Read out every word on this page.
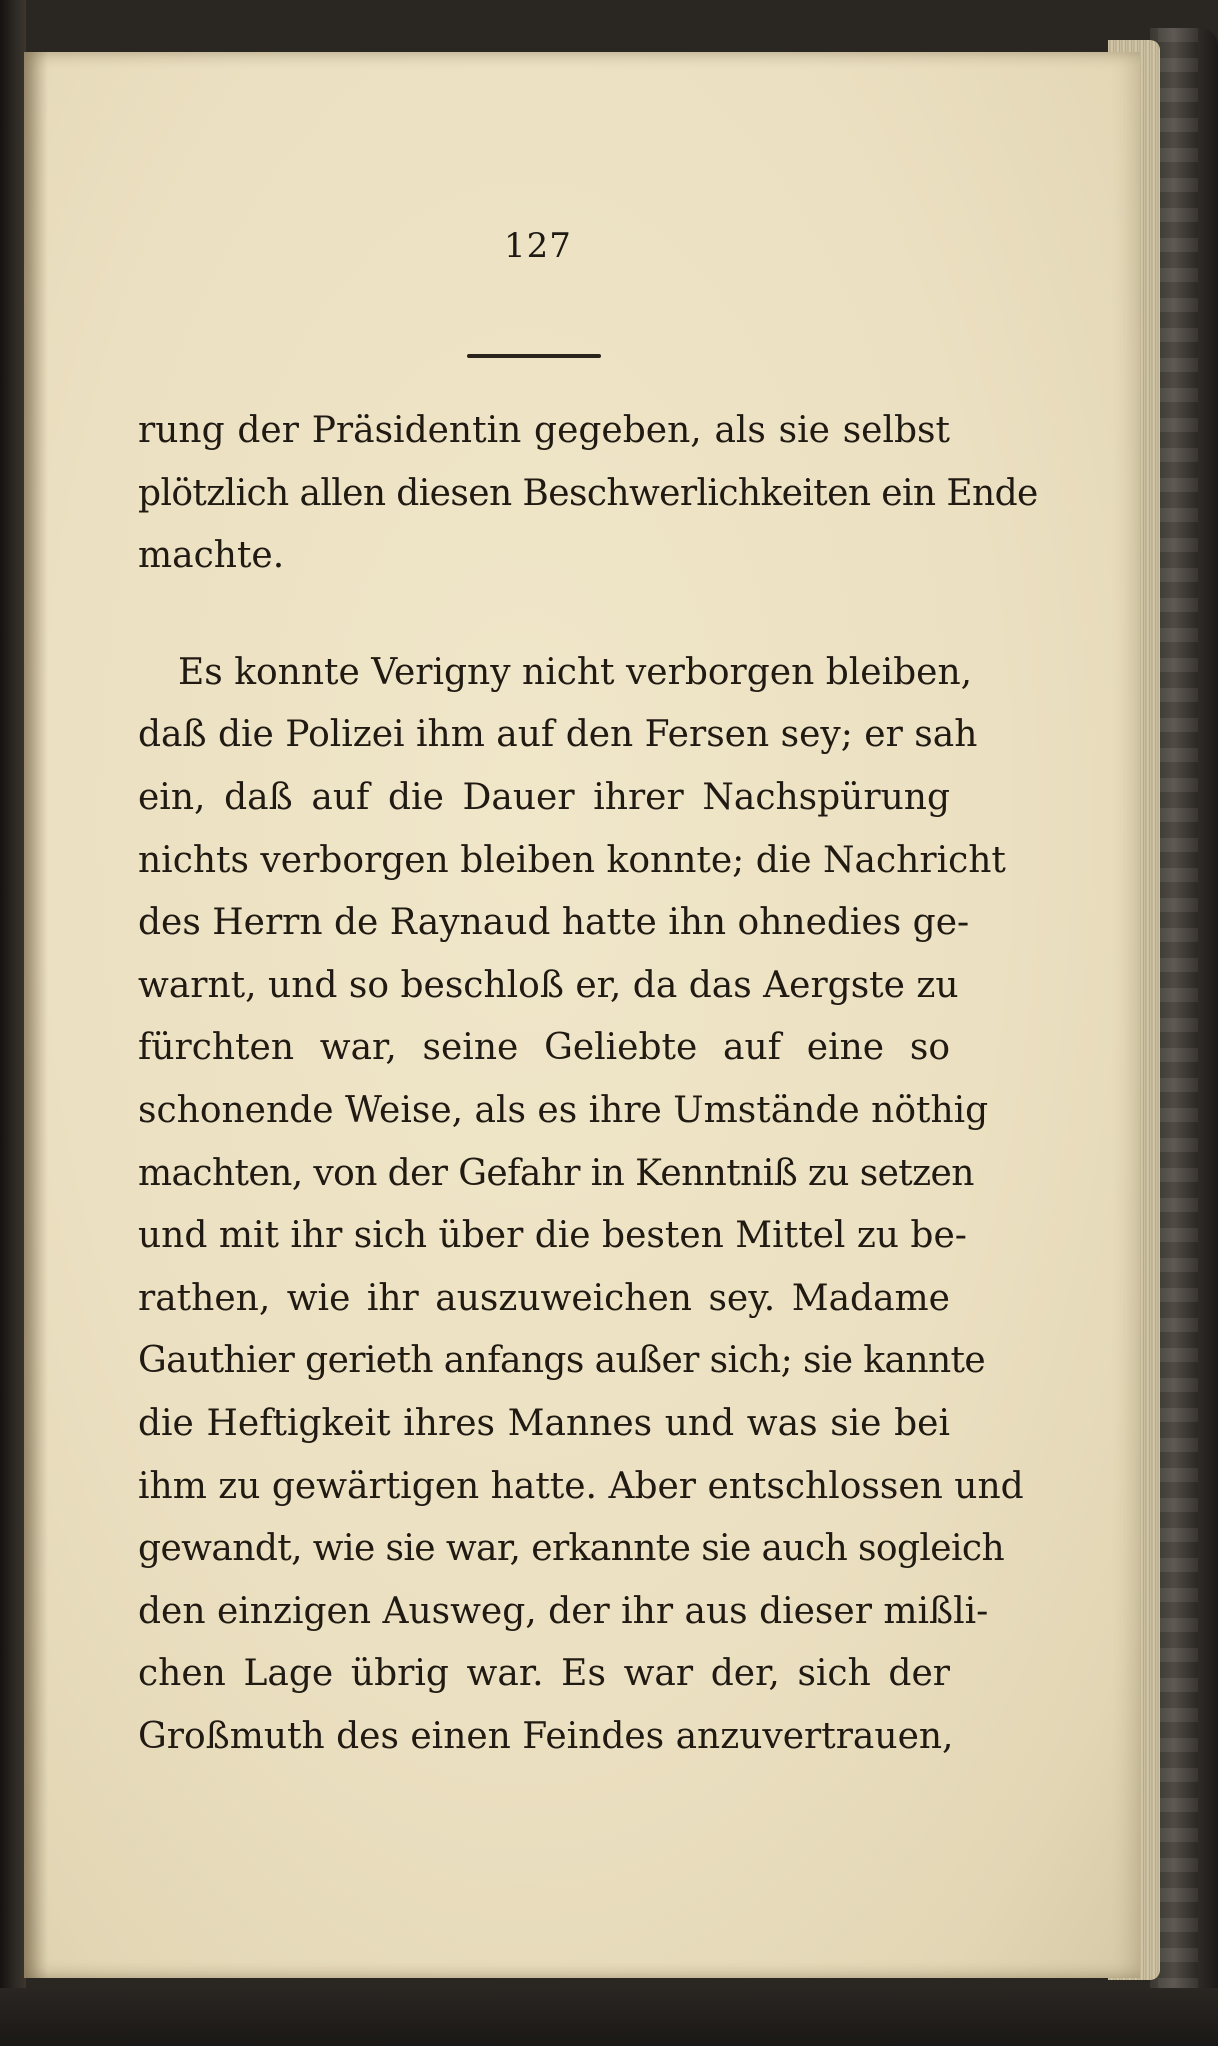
127
rung der Präsidentin gegeben, als sie selbst
plötzlich allen diesen Beschwerlichkeiten ein Ende
machte.
Es konnte Verigny nicht verborgen bleiben,
daß die Polizei ihm auf den Fersen sey; er sah
ein, daß auf die Dauer ihrer Nachspürung
nichts verborgen bleiben konnte; die Nachricht
des Herrn de Raynaud hatte ihn ohnedies ge-
warnt, und so beschloß er, da das Aergste zu
fürchten war, seine Geliebte auf eine so
schonende Weise, als es ihre Umstände nöthig
machten, von der Gefahr in Kenntniß zu setzen
und mit ihr sich über die besten Mittel zu be-
rathen, wie ihr auszuweichen sey. Madame
Gauthier gerieth anfangs außer sich; sie kannte
die Heftigkeit ihres Mannes und was sie bei
ihm zu gewärtigen hatte. Aber entschlossen und
gewandt, wie sie war, erkannte sie auch sogleich
den einzigen Ausweg, der ihr aus dieser mißli-
chen Lage übrig war. Es war der, sich der
Großmuth des einen Feindes anzuvertrauen,
